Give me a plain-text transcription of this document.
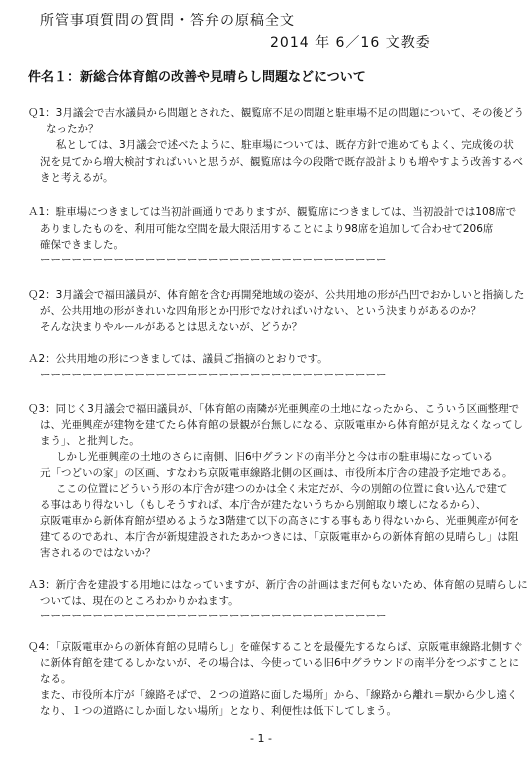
所管事項質問の質問・答弁の原稿全文
2014 年 6／16 文教委
件名１：新総合体育館の改善や見晴らし問題などについて
Ｑ1：3月議会で吉水議員から問題とされた、観覧席不足の問題と駐車場不足の問題について、その後どう
なったか？
私としては、3月議会で述べたように、駐車場については、既存方針で進めてもよく、完成後の状
況を見てから増大検討すればいいと思うが、観覧席は今の段階で既存設計よりも増やすよう改善するべ
きと考えるが。
Ａ1：駐車場につきましては当初計画通りでありますが、観覧席につきましては、当初設計では108席で
ありましたものを、利用可能な空間を最大限活用することにより98席を追加して合わせて206席
確保できました。
ーーーーーーーーーーーーーーーーーーーーーーーーーーーーーーーーー
Ｑ2：3月議会で福田議員が、体育館を含む再開発地域の姿が、公共用地の形が凸凹でおかしいと指摘した
が、公共用地の形がきれいな四角形とか円形でなければいけない、という決まりがあるのか？
そんな決まりやルールがあるとは思えないが、どうか？
Ａ2：公共用地の形につきましては、議員ご指摘のとおりです。
ーーーーーーーーーーーーーーーーーーーーーーーーーーーーーーーーー
Ｑ3：同じく3月議会で福田議員が、「体育館の南隣が光亜興産の土地になったから、こういう区画整理で
は、光亜興産が建物を建てたら体育館の景観が台無しになる、京阪電車から体育館が見えなくなってし
まう」、と批判した。
しかし光亜興産の土地のさらに南側、旧6中グランドの南半分と今は市の駐車場になっている
元「つどいの家」の区画、すなわち京阪電車線路北側の区画は、市役所本庁舎の建設予定地である。
ここの位置にどういう形の本庁舎が建つのかは全く未定だが、今の別館の位置に食い込んで建て
る事はあり得ないし（もしそうすれば、本庁舎が建たないうちから別館取り壊しになるから）、
京阪電車から新体育館が望めるような3階建て以下の高さにする事もあり得ないから、光亜興産が何を
建てるのであれ、本庁舎が新規建設されたあかつきには、「京阪電車からの新体育館の見晴らし」は阻
害されるのではないか？
Ａ3：新庁舎を建設する用地にはなっていますが、新庁舎の計画はまだ何もないため、体育館の見晴らしに
ついては、現在のところわかりかねます。
ーーーーーーーーーーーーーーーーーーーーーーーーーーーーーーーーー
Ｑ4：「京阪電車からの新体育館の見晴らし」を確保することを最優先するならば、京阪電車線路北側すぐ
に新体育館を建てるしかないが、その場合は、今使っている旧6中グラウンドの南半分をつぶすことに
なる。
また、市役所本庁が「線路そばで、２つの道路に面した場所」から、「線路から離れ＝駅から少し遠く
なり、１つの道路にしか面しない場所」となり、利便性は低下してしまう。
- 1 -
